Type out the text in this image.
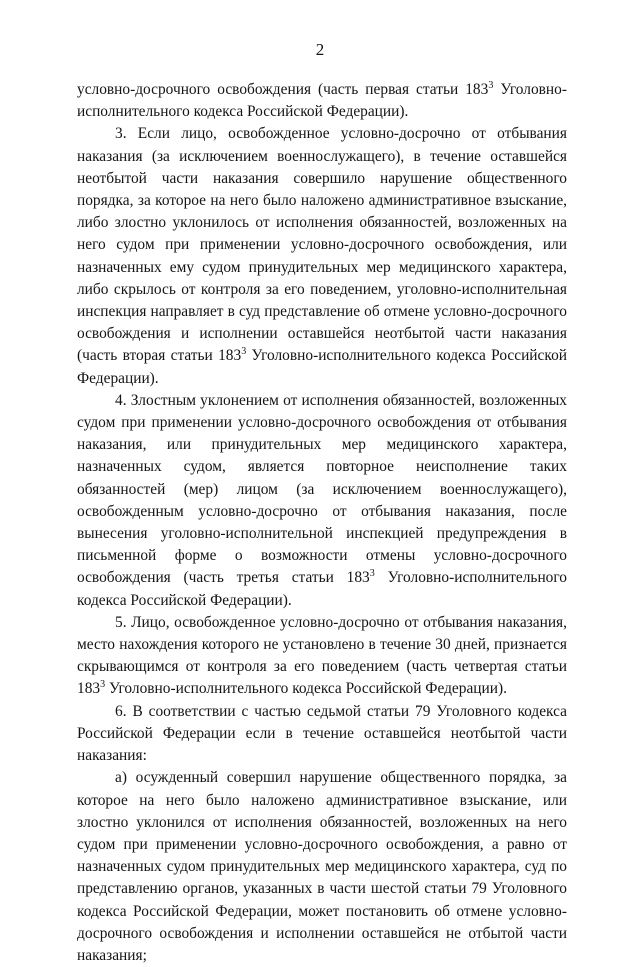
2

условно-досрочного освобождения (часть первая статьи $183^3$ Уголовно-исполнительного кодекса Российской Федерации).

3. Если лицо, освобожденное условно-досрочно от отбывания наказания (за исключением военнослужащего), в течение оставшейся неотбытой части наказания совершило нарушение общественного порядка, за которое на него было наложено административное взыскание, либо злостно уклонилось от исполнения обязанностей, возложенных на него судом при применении условно-досрочного освобождения, или назначенных ему судом принудительных мер медицинского характера, либо скрылось от контроля за его поведением, уголовно-исполнительная инспекция направляет в суд представление об отмене условно-досрочного освобождения и исполнении оставшейся неотбытой части наказания (часть вторая статьи $183^3$ Уголовно-исполнительного кодекса Российской Федерации).

4. Злостным уклонением от исполнения обязанностей, возложенных судом при применении условно-досрочного освобождения от отбывания наказания, или принудительных мер медицинского характера, назначенных судом, является повторное неисполнение таких обязанностей (мер) лицом (за исключением военнослужащего), освобожденным условно-досрочно от отбывания наказания, после вынесения уголовно-исполнительной инспекцией предупреждения в письменной форме о возможности отмены условно-досрочного освобождения (часть третья статьи $183^3$ Уголовно-исполнительного кодекса Российской Федерации).

5. Лицо, освобожденное условно-досрочно от отбывания наказания, место нахождения которого не установлено в течение 30 дней, признается скрывающимся от контроля за его поведением (часть четвертая статьи $183^3$ Уголовно-исполнительного кодекса Российской Федерации).

6. В соответствии с частью седьмой статьи 79 Уголовного кодекса Российской Федерации если в течение оставшейся неотбытой части наказания:

а) осужденный совершил нарушение общественного порядка, за которое на него было наложено административное взыскание, или злостно уклонился от исполнения обязанностей, возложенных на него судом при применении условно-досрочного освобождения, а равно от назначенных судом принудительных мер медицинского характера, суд по представлению органов, указанных в части шестой статьи 79 Уголовного кодекса Российской Федерации, может постановить об отмене условно-досрочного освобождения и исполнении оставшейся не отбытой части наказания;
